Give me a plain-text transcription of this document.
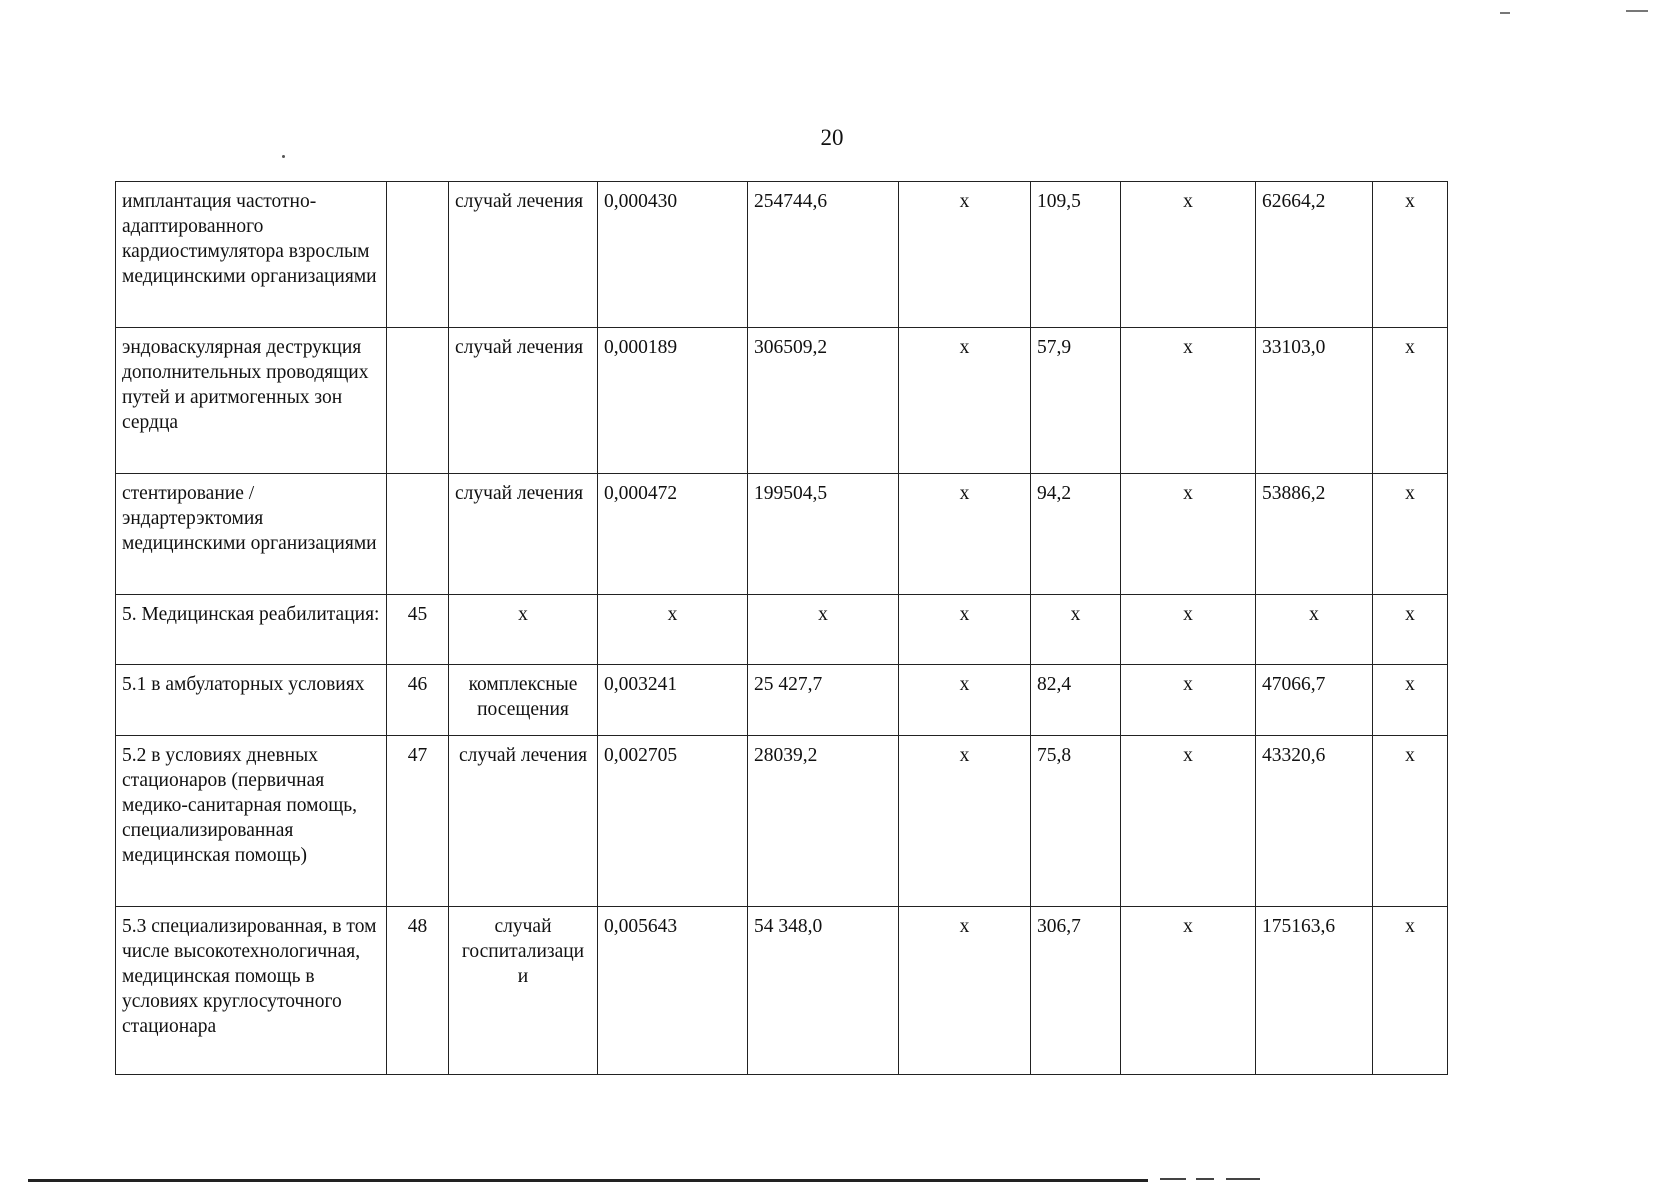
20
имплантация частотно-адаптированного кардиостимулятора взрослым медицинскими организациями		случай лечения	0,000430	254744,6	x	109,5	x	62664,2	x
эндоваскулярная деструкция дополнительных проводящих путей и аритмогенных зон сердца		случай лечения	0,000189	306509,2	x	57,9	x	33103,0	x
стентирование / эндартерэктомия медицинскими организациями		случай лечения	0,000472	199504,5	x	94,2	x	53886,2	x
5. Медицинская реабилитация:	45	x	x	x	x	x	x	x	x
5.1 в амбулаторных условиях	46	комплексные посещения	0,003241	25 427,7	x	82,4	x	47066,7	x
5.2 в условиях дневных стационаров (первичная медико-санитарная помощь, специализированная медицинская помощь)	47	случай лечения	0,002705	28039,2	x	75,8	x	43320,6	x
5.3 специализированная, в том числе высокотехнологичная, медицинская помощь в условиях круглосуточного стационара	48	случай госпитализаци и	0,005643	54 348,0	x	306,7	x	175163,6	x
